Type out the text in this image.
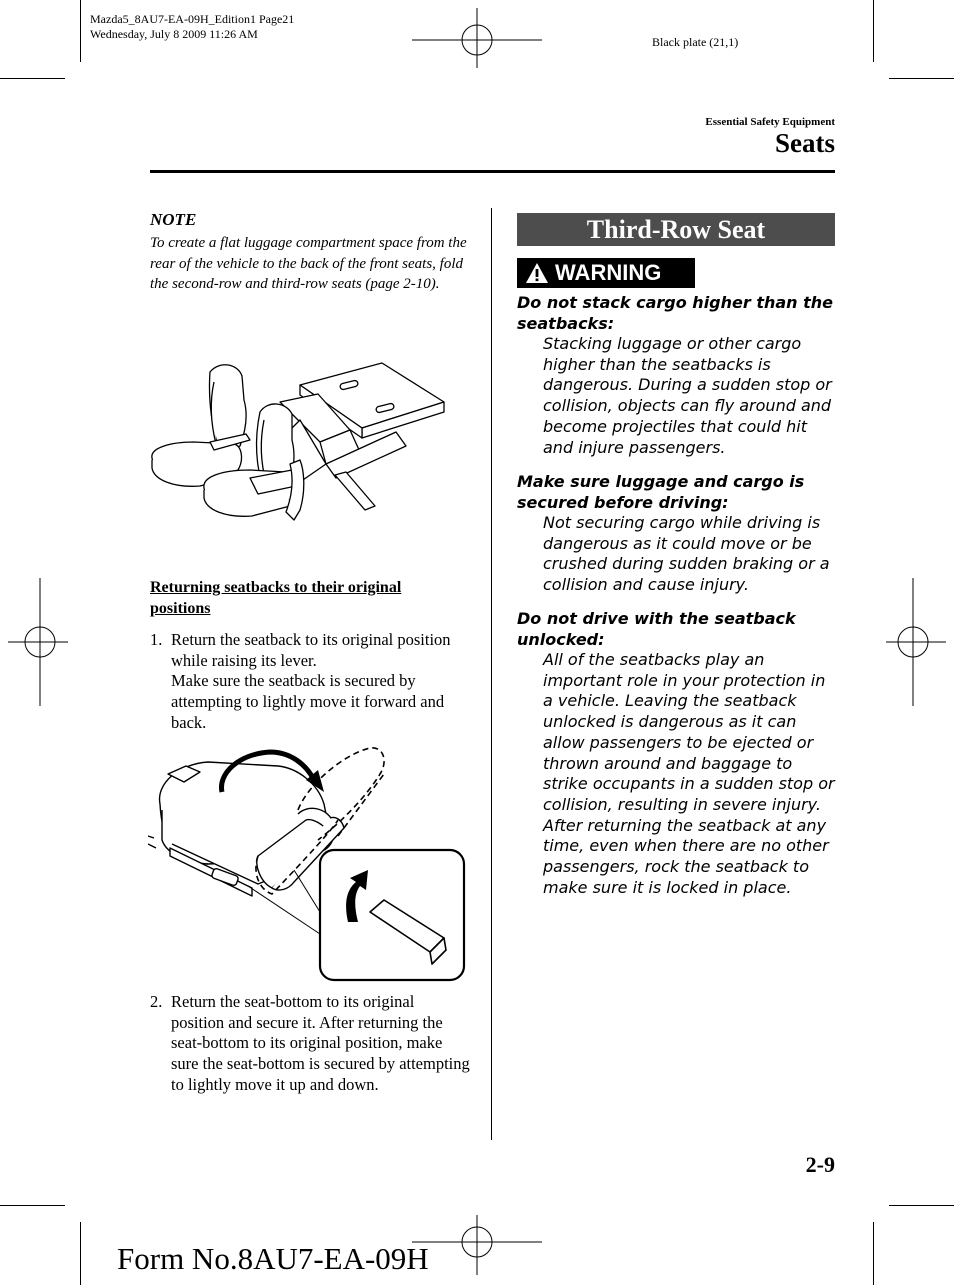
Mazda5_8AU7-EA-09H_Edition1 Page21
Wednesday, July 8 2009 11:26 AM
Black plate (21,1)
Essential Safety Equipment
Seats
NOTE
To create a flat luggage compartment space from the rear of the vehicle to the back of the front seats, fold the second-row and third-row seats (page 2-10).
Returning seatbacks to their original positions
1. Return the seatback to its original position while raising its lever.
Make sure the seatback is secured by attempting to lightly move it forward and back.
2. Return the seat-bottom to its original position and secure it. After returning the seat-bottom to its original position, make sure the seat-bottom is secured by attempting to lightly move it up and down.
Third-Row Seat
WARNING
Do not stack cargo higher than the seatbacks:
Stacking luggage or other cargo higher than the seatbacks is dangerous. During a sudden stop or collision, objects can fly around and become projectiles that could hit and injure passengers.
Make sure luggage and cargo is secured before driving:
Not securing cargo while driving is dangerous as it could move or be crushed during sudden braking or a collision and cause injury.
Do not drive with the seatback unlocked:
All of the seatbacks play an important role in your protection in a vehicle. Leaving the seatback unlocked is dangerous as it can allow passengers to be ejected or thrown around and baggage to strike occupants in a sudden stop or collision, resulting in severe injury. After returning the seatback at any time, even when there are no other passengers, rock the seatback to make sure it is locked in place.
2-9
Form No.8AU7-EA-09H
